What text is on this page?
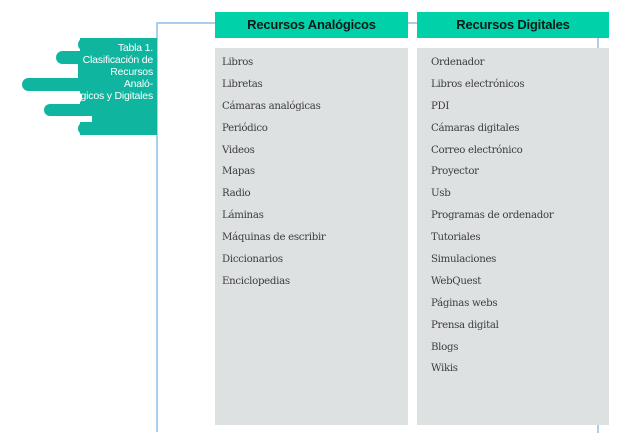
Tabla 1.
Clasificación de
Recursos Analó-
gicos y Digitales
Recursos Analógicos	Recursos Digitales
Libros
Libretas
Cámaras analógicas
Periódico
Videos
Mapas
Radio
Láminas
Máquinas de escribir
Diccionarios
Enciclopedias
Ordenador
Libros electrónicos
PDI
Cámaras digitales
Correo electrónico
Proyector
Usb
Programas de ordenador
Tutoriales
Simulaciones
WebQuest
Páginas webs
Prensa digital
Blogs
Wikis
